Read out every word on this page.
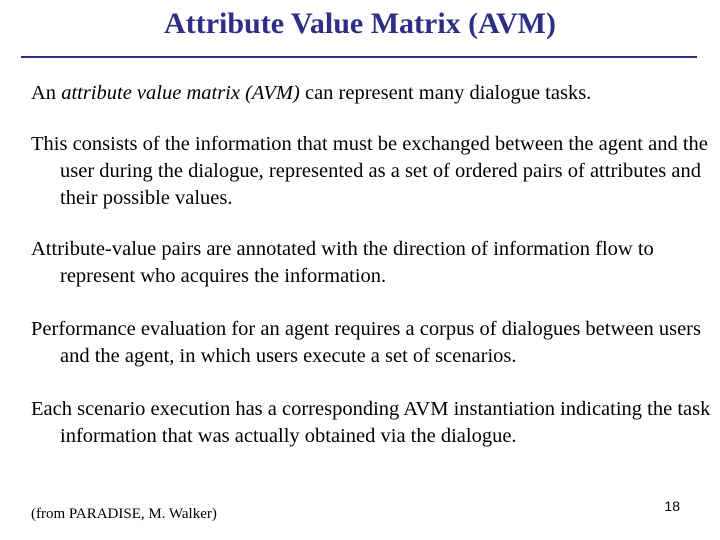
Attribute Value Matrix (AVM)

An attribute value matrix (AVM) can represent many dialogue tasks.

This consists of the information that must be exchanged between the agent and the user during the dialogue, represented as a set of ordered pairs of attributes and their possible values.

Attribute-value pairs are annotated with the direction of information flow to represent who acquires the information.

Performance evaluation for an agent requires a corpus of dialogues between users and the agent, in which users execute a set of scenarios.

Each scenario execution has a corresponding AVM instantiation indicating the task information that was actually obtained via the dialogue.

(from PARADISE, M. Walker)	18
